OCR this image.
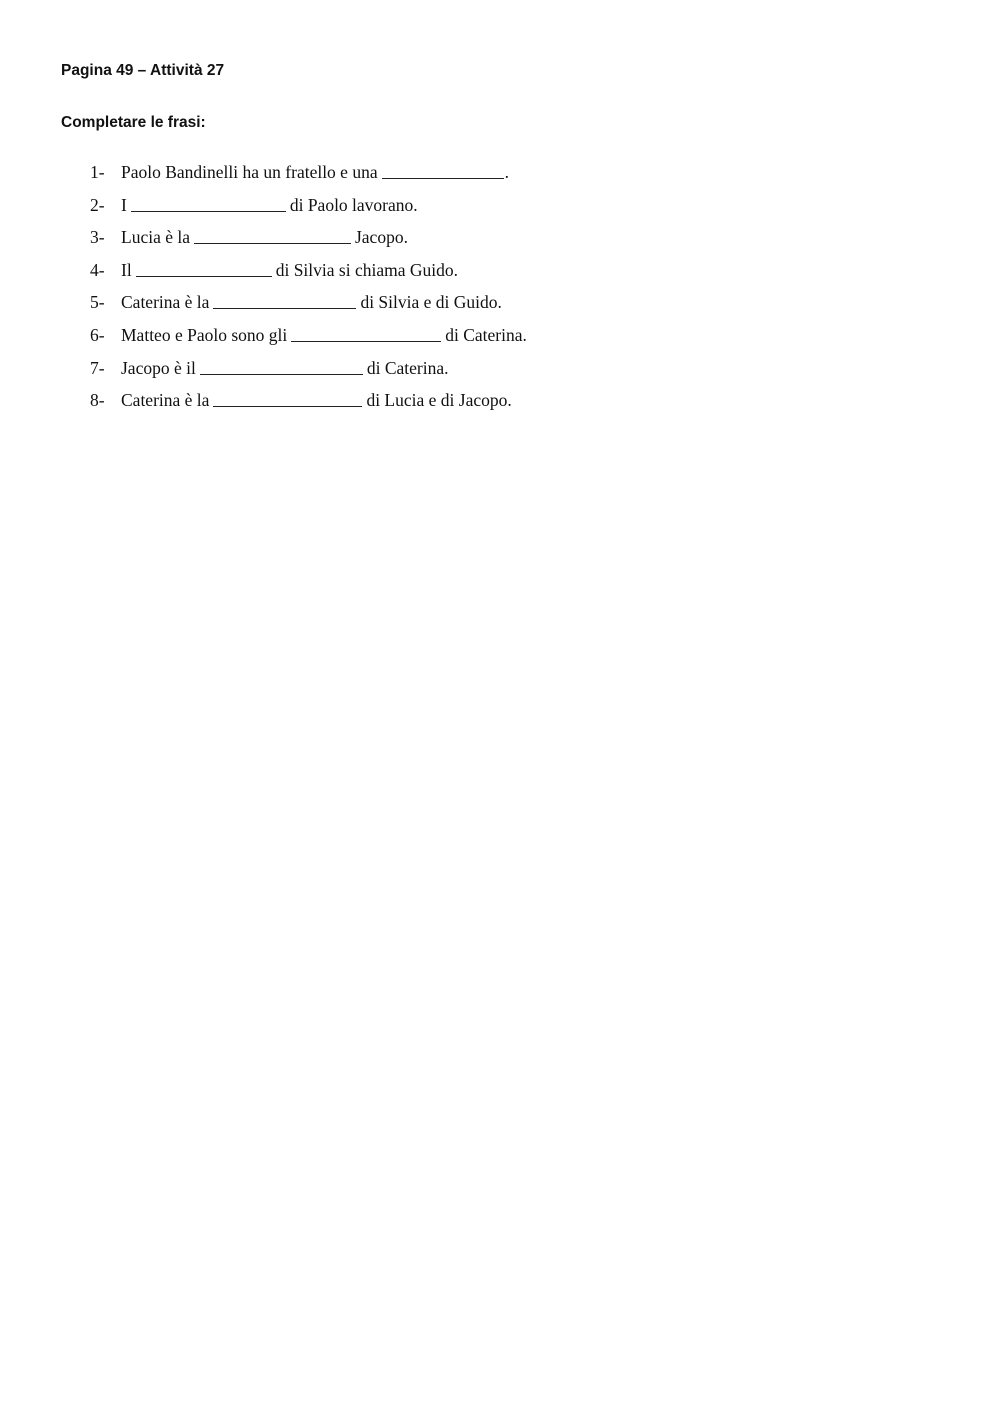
Pagina 49 – Attività 27
Completare le frasi:
1- Paolo Bandinelli ha un fratello e una	.
2- I	di Paolo lavorano.
3- Lucia è la	Jacopo.
4- Il	di Silvia si chiama Guido.
5- Caterina è la	di Silvia e di Guido.
6- Matteo e Paolo sono gli	di Caterina.
7- Jacopo è il	di Caterina.
8- Caterina è la	di Lucia e di Jacopo.
